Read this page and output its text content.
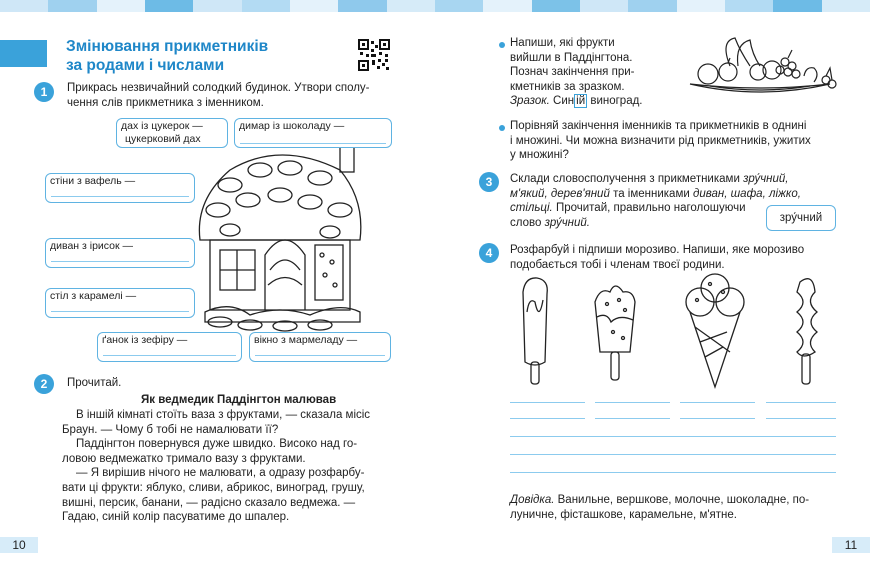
Змінювання прикметників
за родами і числами
1	Прикрась незвичайний солодкий будинок. Утвори сполу-
чення слів прикметника з іменником.
дах із цукерок —
цукерковий дах
димар із шоколаду —
стіни з вафель —
диван з ірисок —
стіл з карамелі —
ґанок із зефіру —	вікно з мармеладу —
2	Прочитай.
Як ведмедик Паддінгтон малював
В іншій кімнаті стоїть ваза з фруктами, — сказала місіс
Браун. — Чому б тобі не намалювати її?
Паддінгтон повернувся дуже швидко. Високо над го-
ловою ведмежатко тримало вазу з фруктами.
— Я вирішив нічого не малювати, а одразу розфарбу-
вати ці фрукти: яблуко, сливи, абрикос, виноград, грушу,
вишні, персик, банани, — радісно сказало ведмежа. —
Гадаю, синій колір пасуватиме до шпалер.
10
Напиши, які фрукти
вийшли в Паддінгтона.
Познач закінчення при-
кметників за зразком.
Зразок. Син ій виноград.
Порівняй закінчення іменників та прикметників в однині
і множині. Чи можна визначити рід прикметників, ужитих
у множині?
3	Склади словосполучення з прикметниками зру́чний,
м'який, дерев'яний та іменниками диван, шафа, ліжко,
стільці. Прочитай, правильно наголошуючи
слово зру́чний.	зру́чний
4	Розфарбуй і підпиши морозиво. Напиши, яке морозиво
подобається тобі і членам твоєї родини.
Довідка. Ванильне, вершкове, молочне, шоколадне, по-
луничне, фісташкове, карамельне, м'ятне.
11
